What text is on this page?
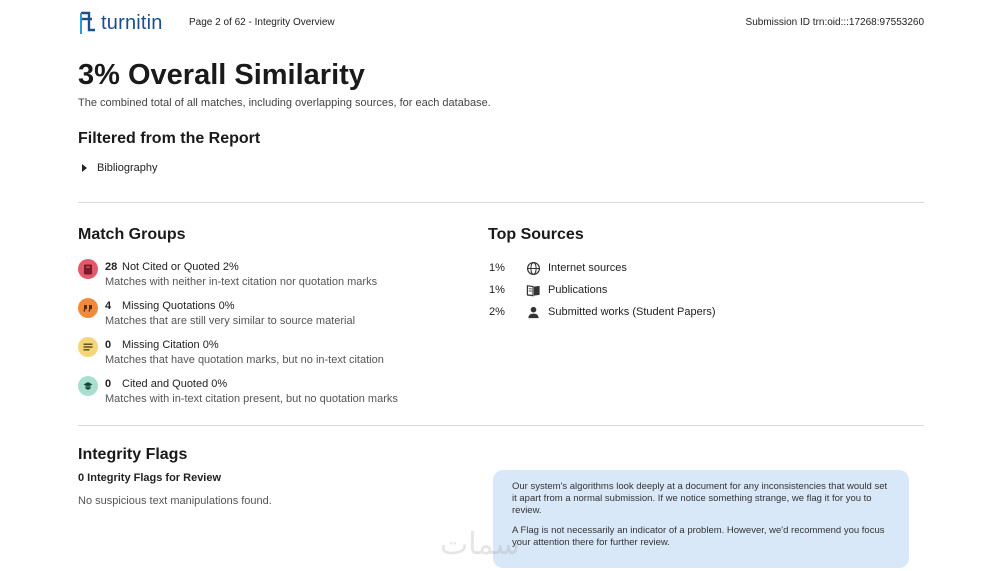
turnitin	Page 2 of 62 - Integrity Overview	Submission ID trn:oid:::17268:97553260
3% Overall Similarity
The combined total of all matches, including overlapping sources, for each database.
Filtered from the Report
Bibliography
Match Groups
28 Not Cited or Quoted 2%
Matches with neither in-text citation nor quotation marks
4 Missing Quotations 0%
Matches that are still very similar to source material
0 Missing Citation 0%
Matches that have quotation marks, but no in-text citation
0 Cited and Quoted 0%
Matches with in-text citation present, but no quotation marks
Top Sources
1%	Internet sources
1%	Publications
2%	Submitted works (Student Papers)
Integrity Flags
0 Integrity Flags for Review
No suspicious text manipulations found.

Our system's algorithms look deeply at a document for any inconsistencies that would set it apart from a normal submission. If we notice something strange, we flag it for you to review.

A Flag is not necessarily an indicator of a problem. However, we'd recommend you focus your attention there for further review.

سمات
